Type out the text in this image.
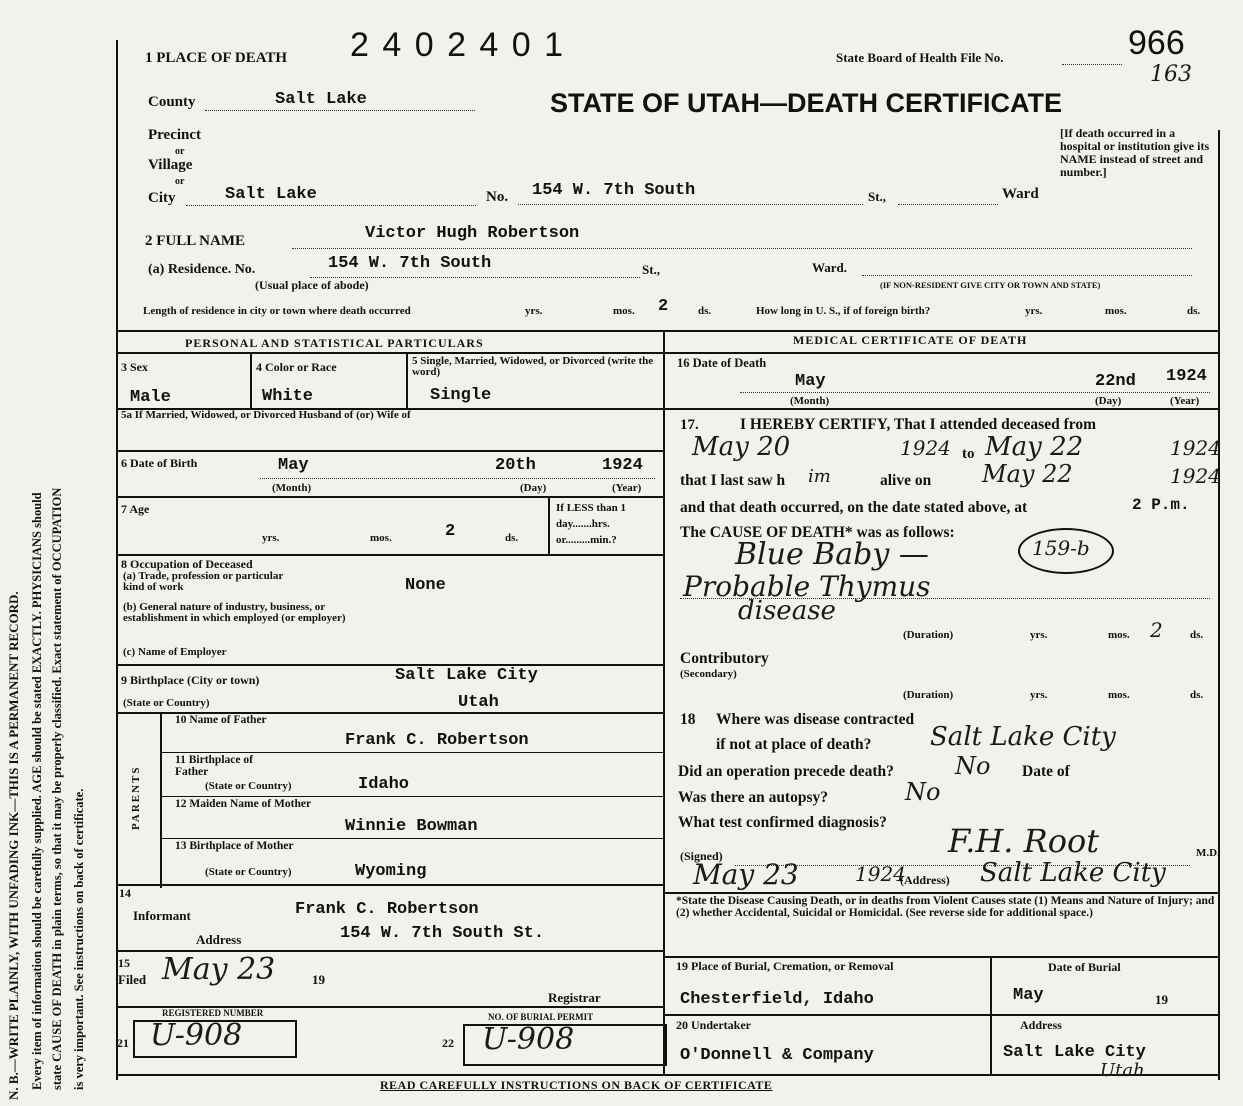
N. B.—WRITE PLAINLY, WITH UNFADING INK—THIS IS A PERMANENT RECORD. Every item of information should be carefully supplied. AGE should be stated EXACTLY. PHYSICIANS should state CAUSE OF DEATH in plain terms, so that it may be properly classified. Exact statement of OCCUPATION is very important. See instructions on back of certificate.
1 PLACE OF DEATH 2 4 0 2 4 0 1	State Board of Health File No.	966
163
STATE OF UTAH—DEATH CERTIFICATE
[If death occurred in a hospital or institution give its NAME instead of street and number.]
County	Salt Lake
Precinct
or
Village
or
City	Salt Lake	No. 154 W. 7th South	St.,	Ward
2 FULL NAME	Victor Hugh Robertson
(a) Residence. No.	154 W. 7th South	St.,	Ward.
(Usual place of abode)	(IF NON-RESIDENT GIVE CITY OR TOWN AND STATE)
Length of residence in city or town where death occurred	yrs.	mos. 2	ds.	How long in U. S., if of foreign birth?	yrs.	mos.	ds.
PERSONAL AND STATISTICAL PARTICULARS	MEDICAL CERTIFICATE OF DEATH
3 Sex
Male
4 Color or Race
White
5 Single, Married, Widowed, or Divorced (write the word)
Single
5a If Married, Widowed, or Divorced Husband of (or) Wife of
6 Date of Birth	May	20th	1924
(Month)	(Day)	(Year)
7 Age
yrs.	mos.	2	ds.
If LESS than 1 day.......hrs. or.........min.?
8 Occupation of Deceased
(a) Trade, profession or particular kind of work	None
(b) General nature of industry, business, or establishment in which employed (or employer)
(c) Name of Employer
9 Birthplace (City or town)	Salt Lake City
(State or Country)	Utah
PARENTS
10 Name of Father
Frank C. Robertson
11 Birthplace of Father
(State or Country)	Idaho
12 Maiden Name of Mother
Winnie Bowman
13 Birthplace of Mother
(State or Country)	Wyoming
14
Informant	Frank C. Robertson
Address	154 W. 7th South St.
15
Filed May 23	19
Registrar
21
REGISTERED NUMBER
U-908	22
NO. OF BURIAL PERMIT
U-908
16 Date of Death
May	22nd 1924
(Month)	(Day)	(Year)
17.	I HEREBY CERTIFY, That I attended deceased from
May 20	1924 to May 22	1924
that I last saw h im	alive on May 22	1924
and that death occurred, on the date stated above, at	2 P.m.
The CAUSE OF DEATH* was as follows:
Blue Baby —	159-b
Probable Thymus
disease
(Duration)	yrs.	mos. 2 ds.
Contributory
(Secondary)
(Duration)	yrs.	mos.	ds.
18 Where was disease contracted
if not at place of death? Salt Lake City
Did an operation precede death?	No Date of
Was there an autopsy?	No
What test confirmed diagnosis?
(Signed)	F.H. Root	M.D.
May 23	1924
(Address) Salt Lake City
*State the Disease Causing Death, or in deaths from Violent Causes state (1) Means and Nature of Injury; and (2) whether Accidental, Suicidal or Homicidal. (See reverse side for additional space.)
19 Place of Burial, Cremation, or Removal
Chesterfield, Idaho
Date of Burial
May	19
20 Undertaker
O'Donnell & Company
Address
Salt Lake City
Utah
READ CAREFULLY INSTRUCTIONS ON BACK OF CERTIFICATE
